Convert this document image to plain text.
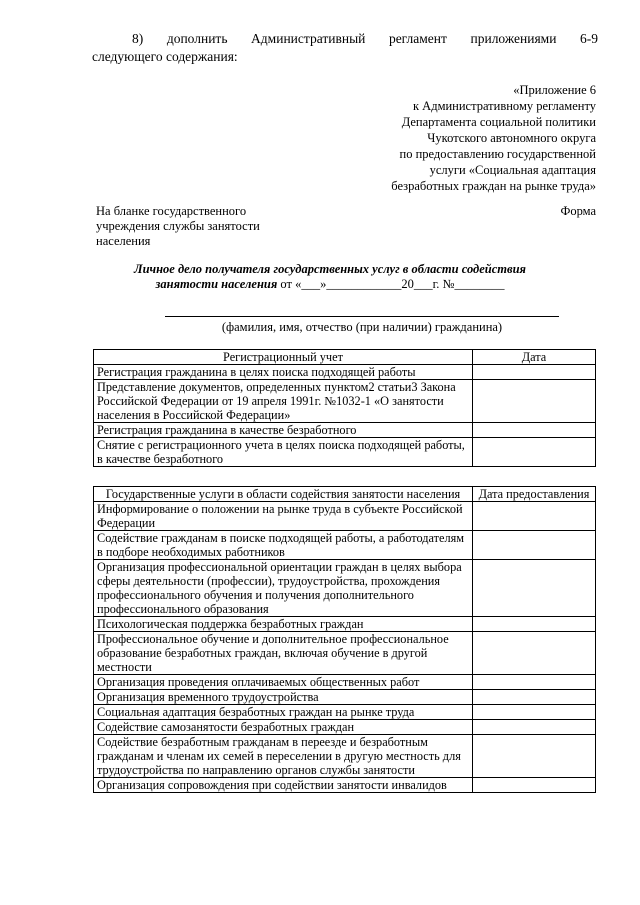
8) дополнить Административный регламент приложениями 6-9
следующего содержания:
«Приложение 6
к Административному регламенту
Департамента социальной политики
Чукотского автономного округа
по предоставлению государственной
услуги «Социальная адаптация
безработных граждан на рынке труда»
На бланке государственного
учреждения службы занятости
населения
Форма
Личное дело получателя государственных услуг в области содействия
занятости населения от «___»____________20___г. №________
(фамилия, имя, отчество (при наличии) гражданина)
Регистрационный учет	Дата
Регистрация гражданина в целях поиска подходящей работы	
Представление документов, определенных пунктом2 статьи3 Закона Российской Федерации от 19 апреля 1991г. №1032-1 «О занятости населения в Российской Федерации»	
Регистрация гражданина в качестве безработного	
Снятие с регистрационного учета в целях поиска подходящей работы, в качестве безработного	
Государственные услуги в области содействия занятости населения	Дата предоставления
Информирование о положении на рынке труда в субъекте Российской Федерации	
Содействие гражданам в поиске подходящей работы, а работодателям в подборе необходимых работников	
Организация профессиональной ориентации граждан в целях выбора сферы деятельности (профессии), трудоустройства, прохождения профессионального обучения и получения дополнительного профессионального образования	
Психологическая поддержка безработных граждан	
Профессиональное обучение и дополнительное профессиональное образование безработных граждан, включая обучение в другой местности	
Организация проведения оплачиваемых общественных работ	
Организация временного трудоустройства	
Социальная адаптация безработных граждан на рынке труда	
Содействие самозанятости безработных граждан	
Содействие безработным гражданам в переезде и безработным гражданам и членам их семей в переселении в другую местность для трудоустройства по направлению органов службы занятости	
Организация сопровождения при содействии занятости инвалидов	
